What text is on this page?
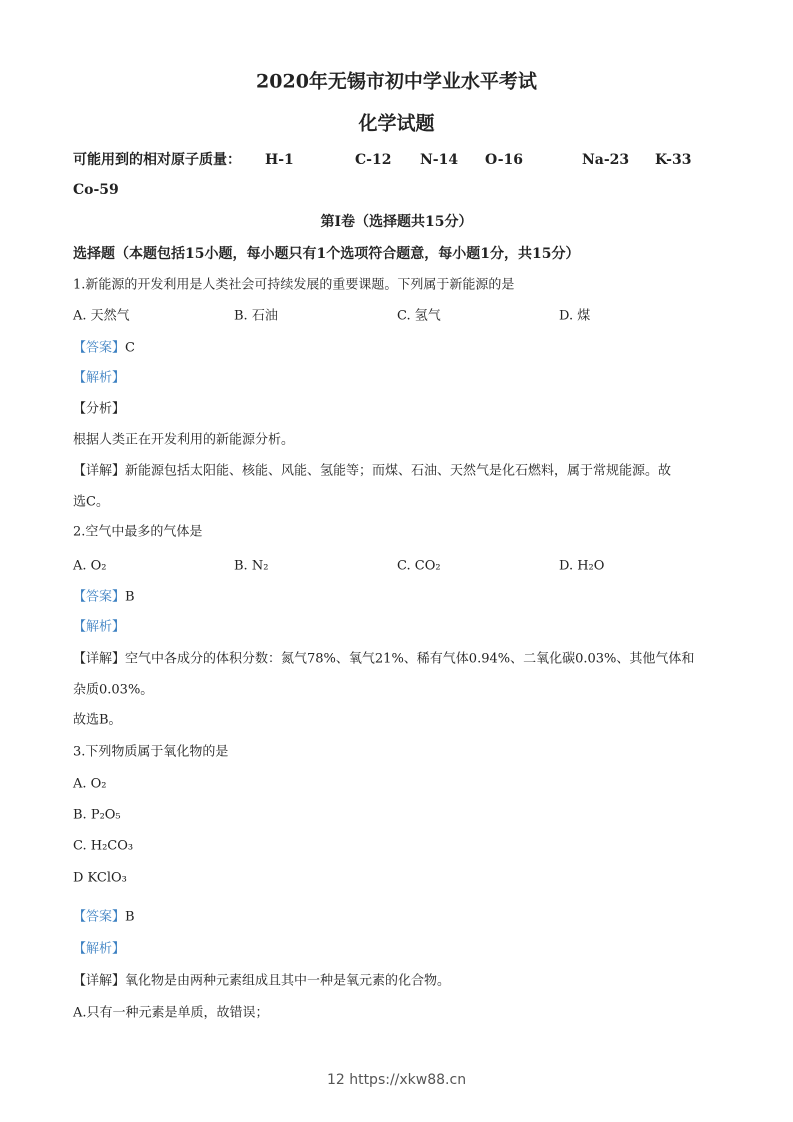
2020年无锡市初中学业水平考试
化学试题
可能用到的相对原子质量： H-1	C-12 N-14 O-16	Na-23 K-33
Co-59
第I卷（选择题共15分）
选择题（本题包括15小题，每小题只有1个选项符合题意，每小题1分，共15分）
1.新能源的开发利用是人类社会可持续发展的重要课题。下列属于新能源的是
A. 天然气	B. 石油	C. 氢气	D. 煤
【答案】C
【解析】
【分析】
根据人类正在开发利用的新能源分析。
【详解】新能源包括太阳能、核能、风能、氢能等；而煤、石油、天然气是化石燃料，属于常规能源。故
选C。
2.空气中最多的气体是
A. O₂	B. N₂	C. CO₂	D. H₂O
【答案】B
【解析】
【详解】空气中各成分的体积分数：氮气78%、氧气21%、稀有气体0.94%、二氧化碳0.03%、其他气体和
杂质0.03%。
故选B。
3.下列物质属于氧化物的是
A. O₂
B. P₂O₅
C. H₂CO₃
D KClO₃
【答案】B
【解析】
【详解】氧化物是由两种元素组成且其中一种是氧元素的化合物。
A.只有一种元素是单质，故错误；
12 https://xkw88.cn
